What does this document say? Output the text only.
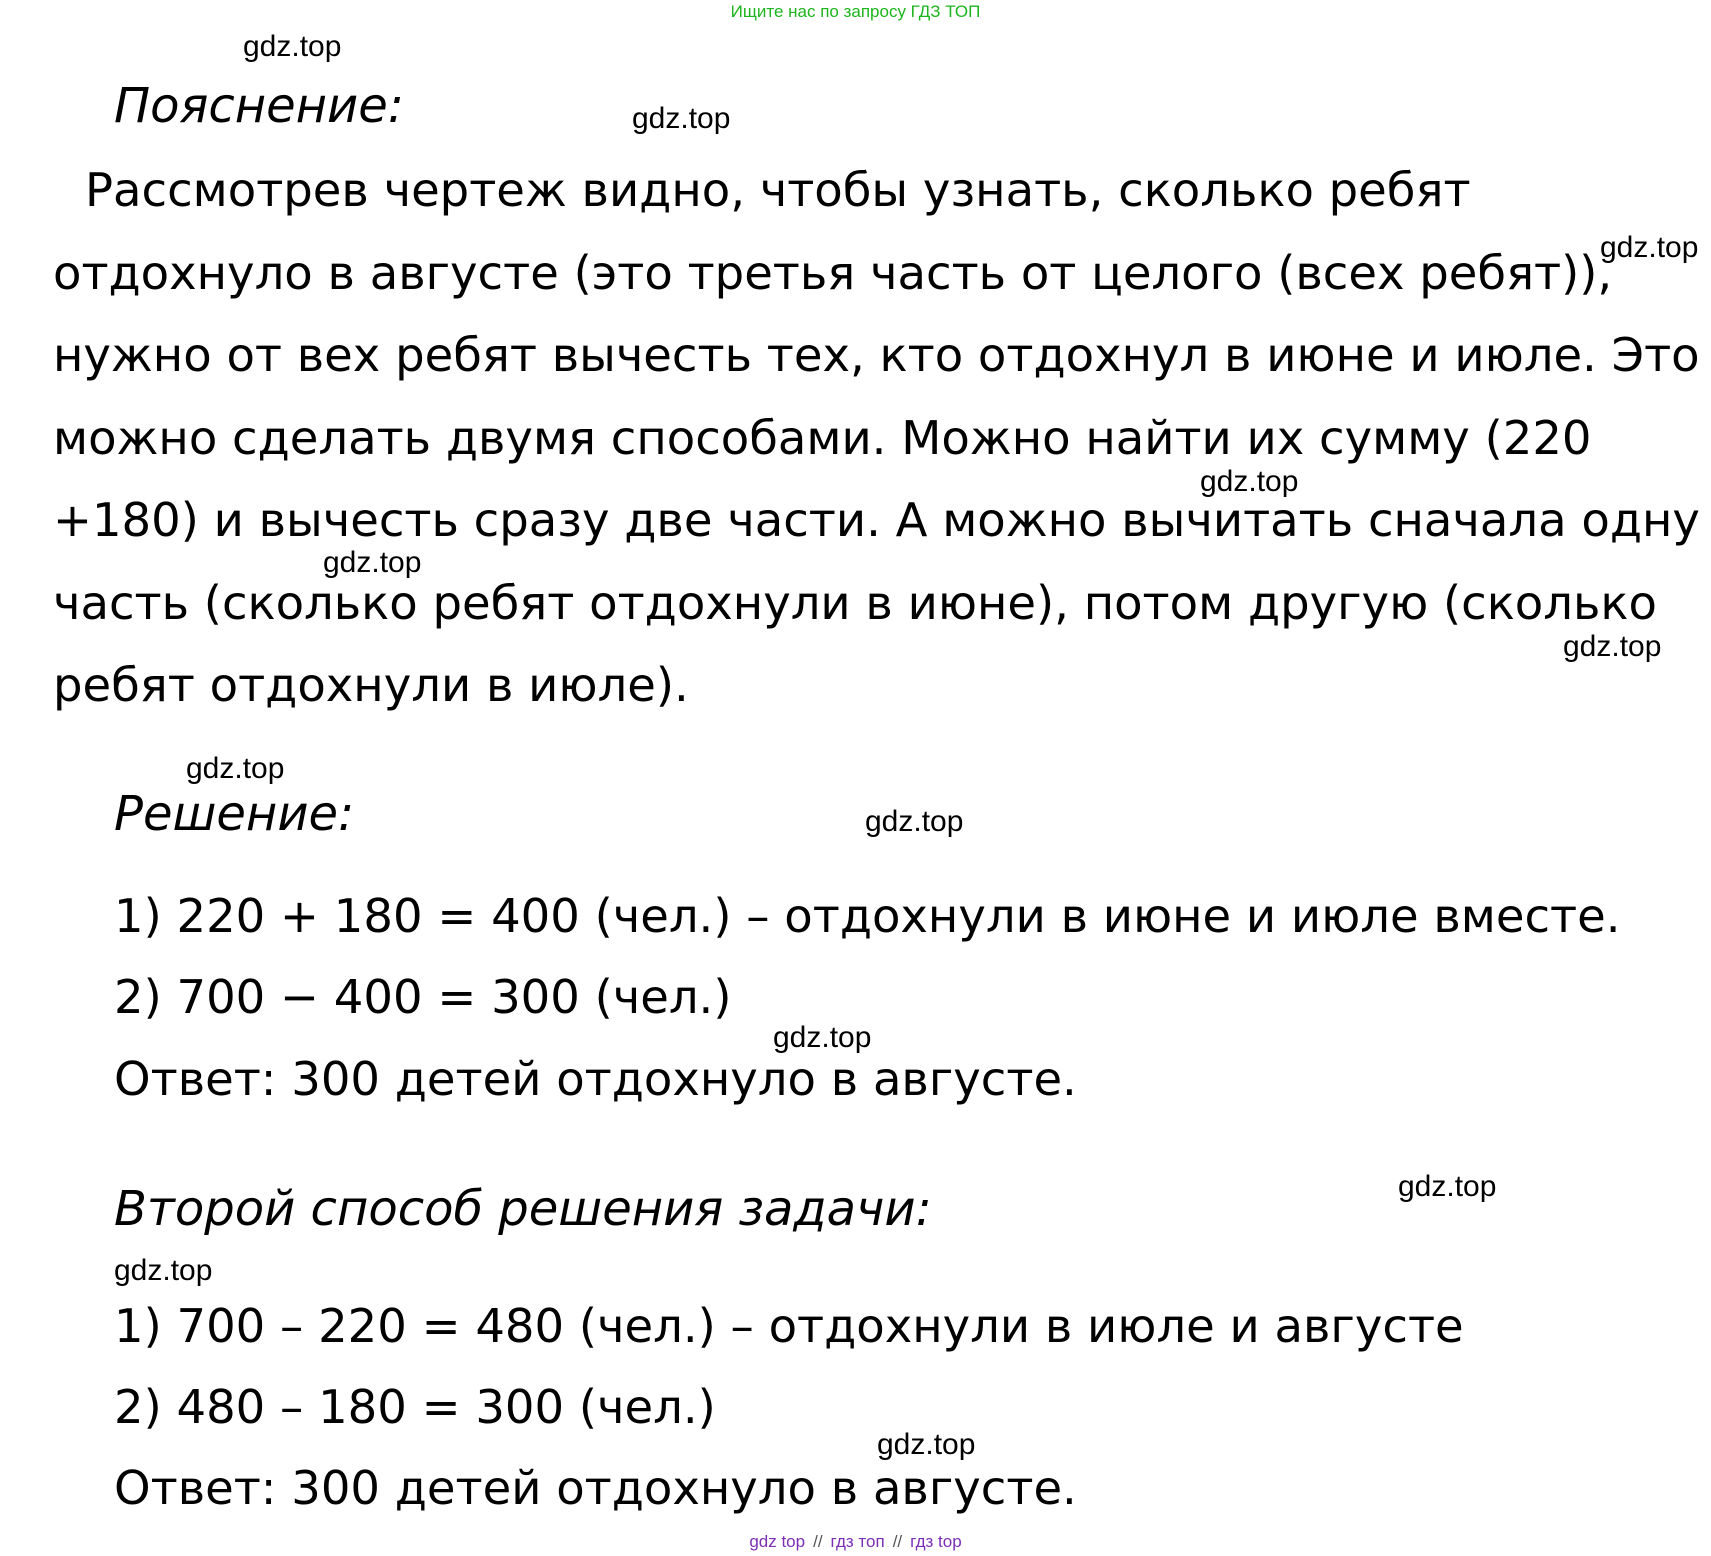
Ищите нас по запросу ГДЗ ТОП
Пояснение:
Рассмотрев чертеж видно, чтобы узнать, сколько ребят
отдохнуло в августе (это третья часть от целого (всех ребят)),
нужно от вех ребят вычесть тех, кто отдохнул в июне и июле. Это
можно сделать двумя способами. Можно найти их сумму (220
+180) и вычесть сразу две части. А можно вычитать сначала одну
часть (сколько ребят отдохнули в июне), потом другую (сколько
ребят отдохнули в июле).
Решение:
1) 220 + 180 = 400 (чел.) – отдохнули в июне и июле вместе.
2) 700 − 400 = 300 (чел.)
Ответ: 300 детей отдохнуло в августе.
Второй способ решения задачи:
1) 700 – 220 = 480 (чел.) – отдохнули в июле и августе
2) 480 – 180 = 300 (чел.)
Ответ: 300 детей отдохнуло в августе.
gdz.top
gdz.top
gdz.top
gdz.top
gdz.top
gdz.top
gdz.top
gdz.top
gdz.top
gdz.top
gdz.top
gdz.top
gdz top // гдз топ // гдз top
